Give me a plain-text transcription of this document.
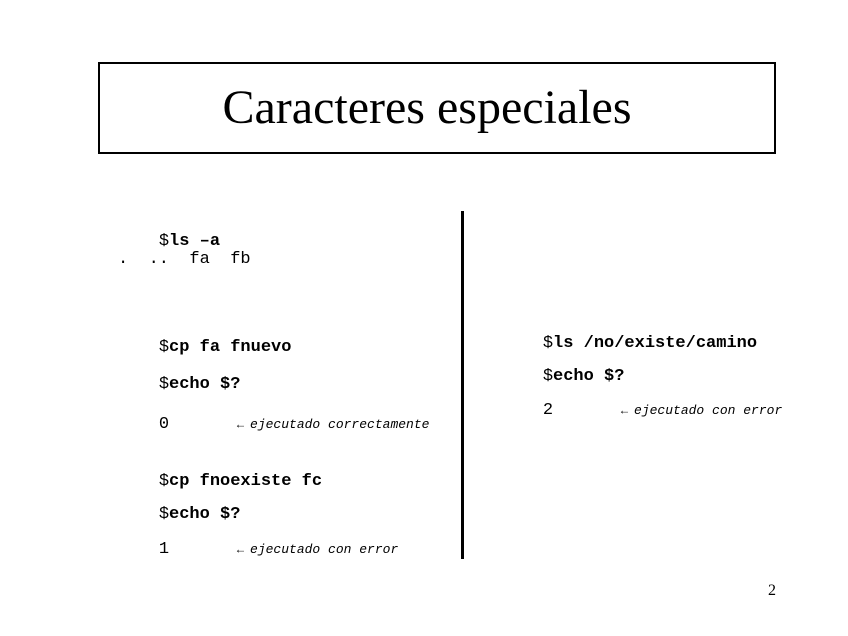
Caracteres especiales

$ls –a

.  ..  fa  fb

$cp fa fnuevo

$echo $?

0	← ejecutado correctamente

$cp fnoexiste fc

$echo $?

1	← ejecutado con error

$ls /no/existe/camino

$echo $?

2	← ejecutado con error

2
